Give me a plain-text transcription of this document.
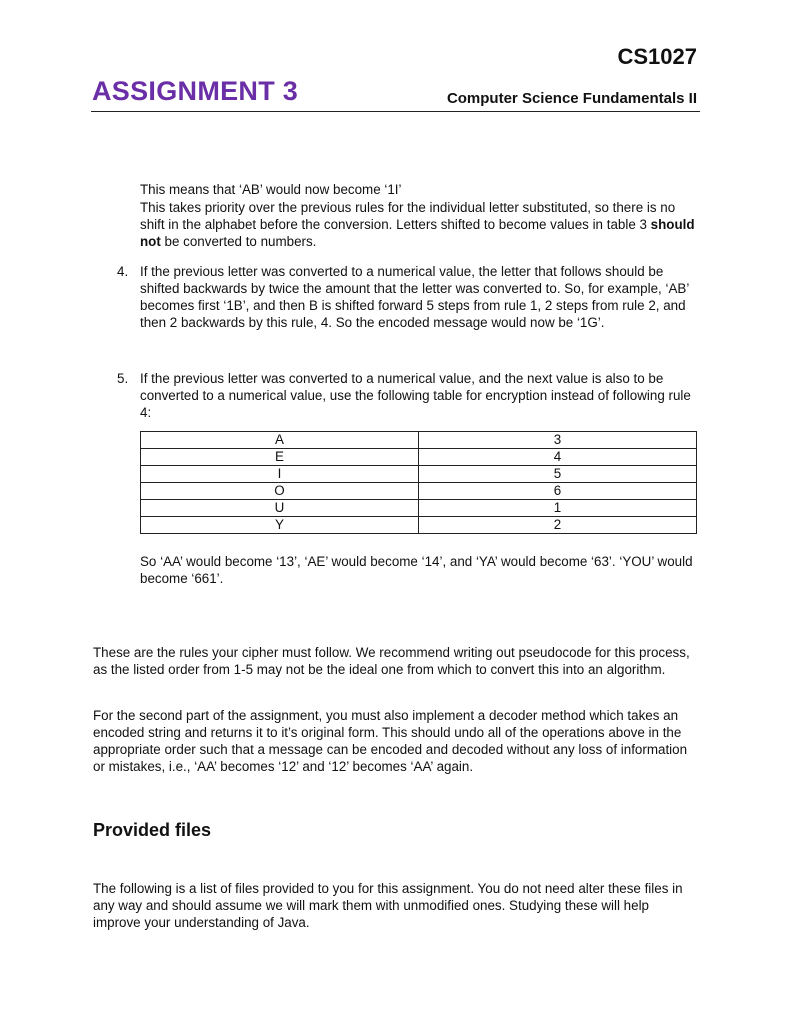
CS1027
ASSIGNMENT 3	Computer Science Fundamentals II

This means that ‘AB’ would now become ‘1I’

This takes priority over the previous rules for the individual letter substituted, so there is no shift in the alphabet before the conversion. Letters shifted to become values in table 3 should not be converted to numbers.

4. If the previous letter was converted to a numerical value, the letter that follows should be shifted backwards by twice the amount that the letter was converted to. So, for example, ‘AB’ becomes first ‘1B’, and then B is shifted forward 5 steps from rule 1, 2 steps from rule 2, and then 2 backwards by this rule, 4. So the encoded message would now be ‘1G’.

5. If the previous letter was converted to a numerical value, and the next value is also to be converted to a numerical value, use the following table for encryption instead of following rule 4:

A	3
E	4
I	5
O	6
U	1
Y	2

So ‘AA’ would become ‘13’, ‘AE’ would become ‘14’, and ‘YA’ would become ‘63’. ‘YOU’ would become ‘661’.

These are the rules your cipher must follow. We recommend writing out pseudocode for this process, as the listed order from 1-5 may not be the ideal one from which to convert this into an algorithm.

For the second part of the assignment, you must also implement a decoder method which takes an encoded string and returns it to it’s original form. This should undo all of the operations above in the appropriate order such that a message can be encoded and decoded without any loss of information or mistakes, i.e., ‘AA’ becomes ‘12’ and ‘12’ becomes ‘AA’ again.

Provided files

The following is a list of files provided to you for this assignment. You do not need alter these files in any way and should assume we will mark them with unmodified ones. Studying these will help improve your understanding of Java.
